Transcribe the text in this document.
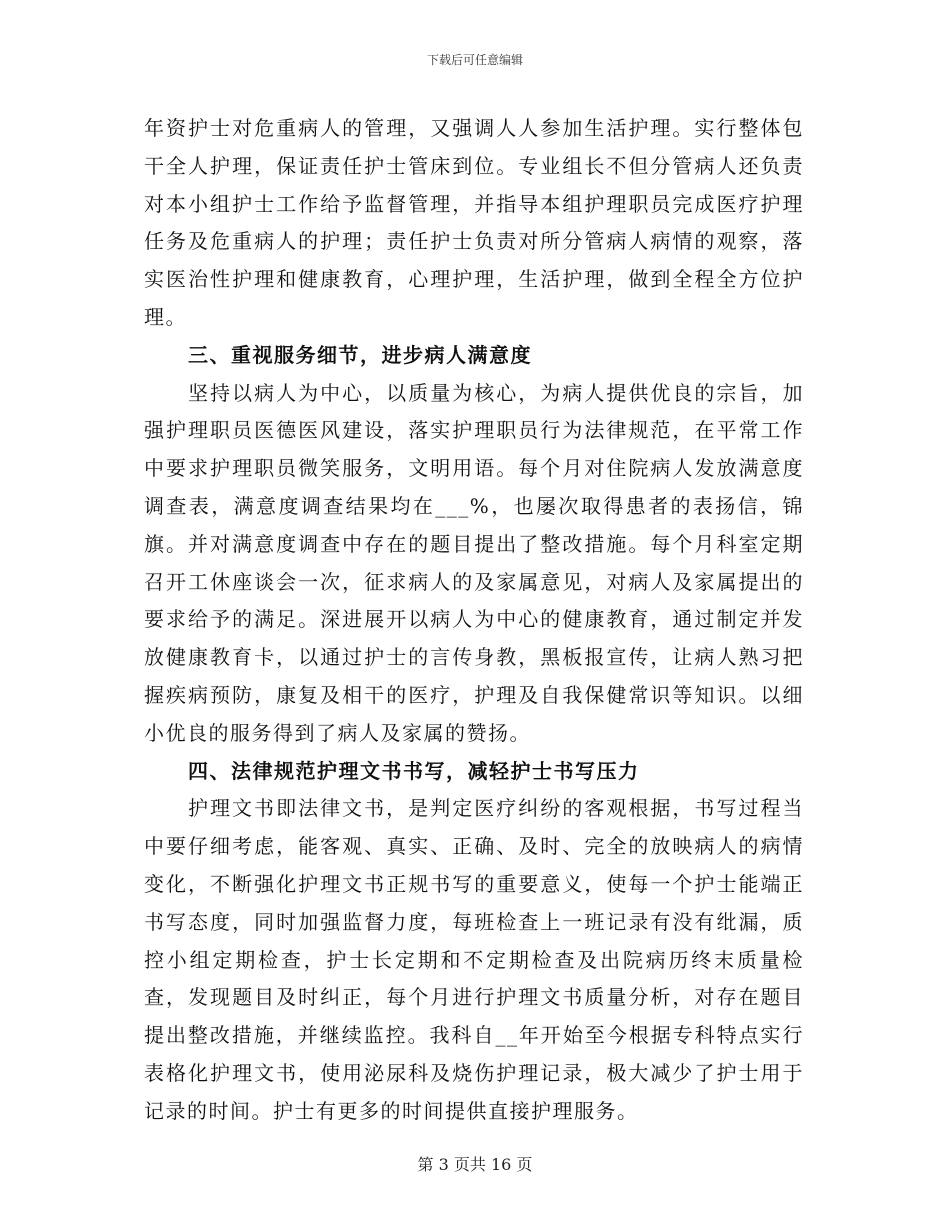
下载后可任意编辑

年资护士对危重病人的管理，又强调人人参加生活护理。实行整体包干全人护理，保证责任护士管床到位。专业组长不但分管病人还负责对本小组护士工作给予监督管理，并指导本组护理职员完成医疗护理任务及危重病人的护理；责任护士负责对所分管病人病情的观察，落实医治性护理和健康教育，心理护理，生活护理，做到全程全方位护理。

三、重视服务细节，进步病人满意度

坚持以病人为中心，以质量为核心，为病人提供优良的宗旨，加强护理职员医德医风建设，落实护理职员行为法律规范，在平常工作中要求护理职员微笑服务，文明用语。每个月对住院病人发放满意度调查表，满意度调查结果均在___%，也屡次取得患者的表扬信，锦旗。并对满意度调查中存在的题目提出了整改措施。每个月科室定期召开工休座谈会一次，征求病人的及家属意见，对病人及家属提出的要求给予的满足。深进展开以病人为中心的健康教育，通过制定并发放健康教育卡，以通过护士的言传身教，黑板报宣传，让病人熟习把握疾病预防，康复及相干的医疗，护理及自我保健常识等知识。以细小优良的服务得到了病人及家属的赞扬。

四、法律规范护理文书书写，减轻护士书写压力

护理文书即法律文书，是判定医疗纠纷的客观根据，书写过程当中要仔细考虑，能客观、真实、正确、及时、完全的放映病人的病情变化，不断强化护理文书正规书写的重要意义，使每一个护士能端正书写态度，同时加强监督力度，每班检查上一班记录有没有纰漏，质控小组定期检查，护士长定期和不定期检查及出院病历终末质量检查，发现题目及时纠正，每个月进行护理文书质量分析，对存在题目提出整改措施，并继续监控。我科自__年开始至今根据专科特点实行表格化护理文书，使用泌尿科及烧伤护理记录，极大减少了护士用于记录的时间。护士有更多的时间提供直接护理服务。

第 3 页共 16 页
